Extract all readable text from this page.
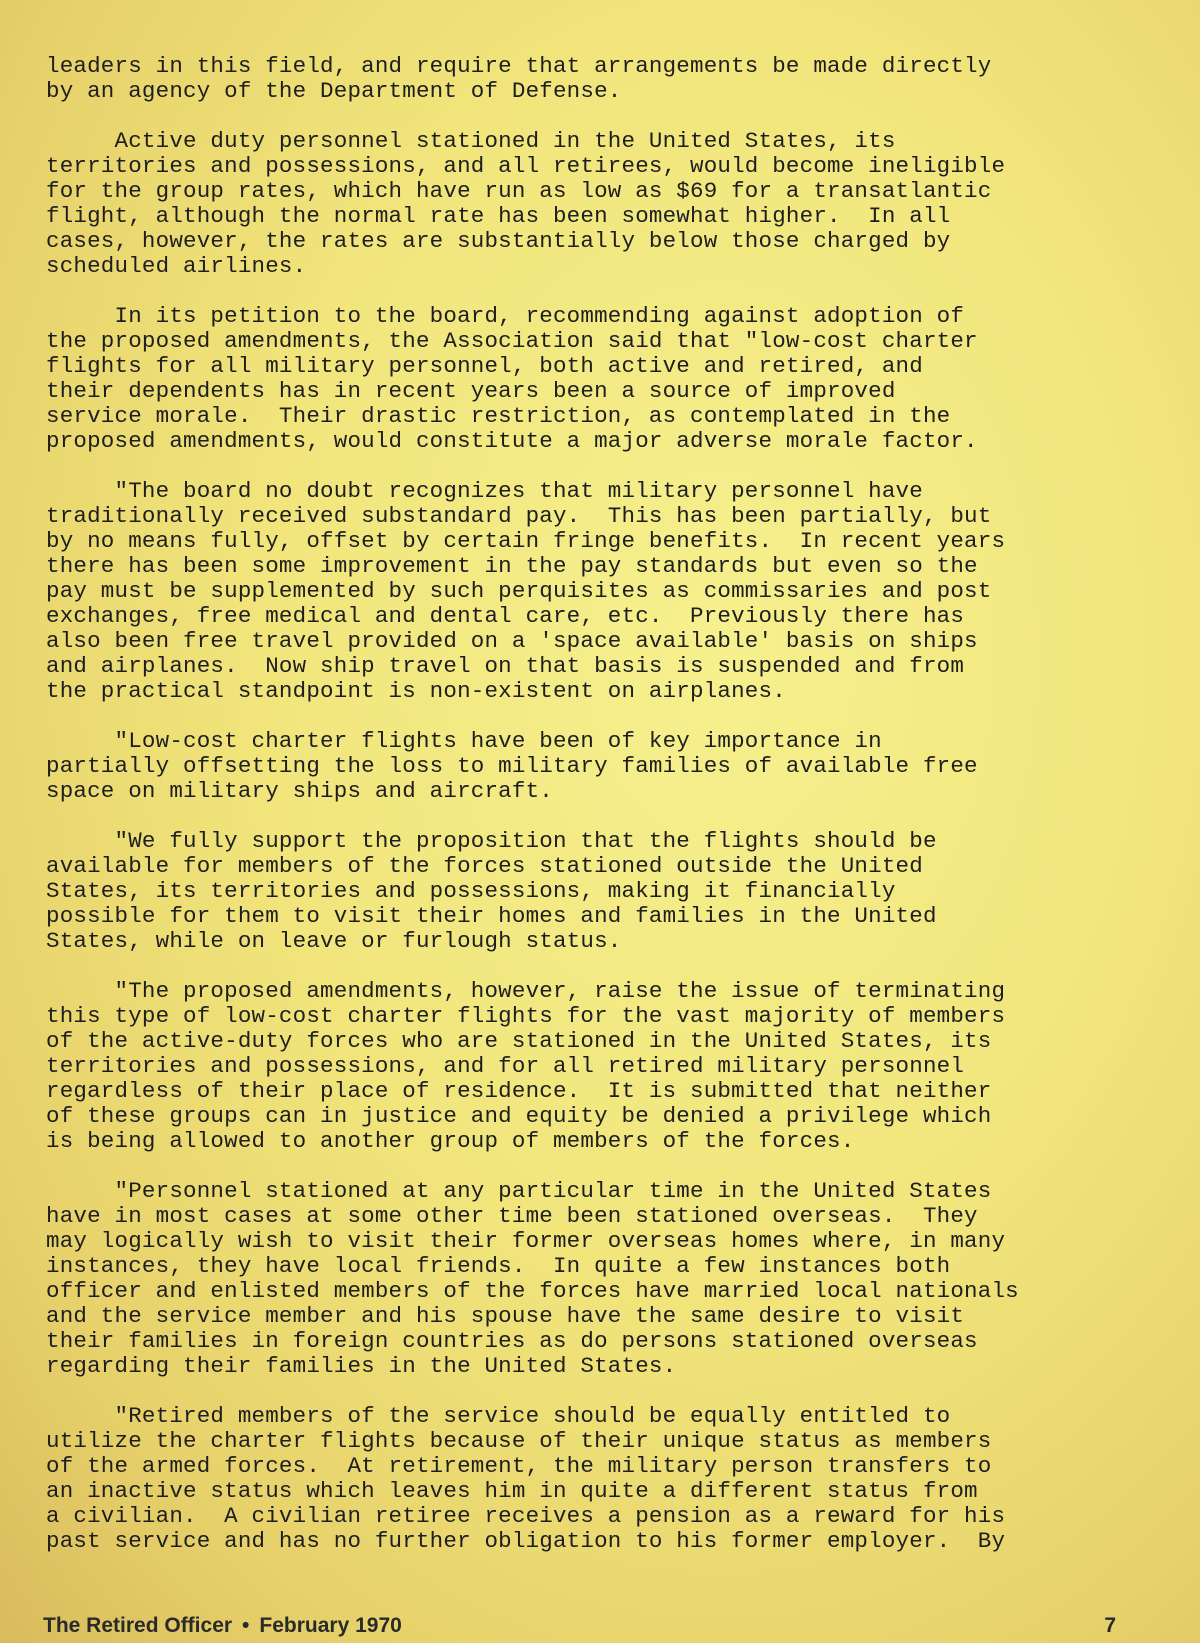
leaders in this field, and require that arrangements be made directly
by an agency of the Department of Defense.

Active duty personnel stationed in the United States, its
territories and possessions, and all retirees, would become ineligible
for the group rates, which have run as low as $69 for a transatlantic
flight, although the normal rate has been somewhat higher.  In all
cases, however, the rates are substantially below those charged by
scheduled airlines.

In its petition to the board, recommending against adoption of
the proposed amendments, the Association said that "low-cost charter
flights for all military personnel, both active and retired, and
their dependents has in recent years been a source of improved
service morale.  Their drastic restriction, as contemplated in the
proposed amendments, would constitute a major adverse morale factor.

"The board no doubt recognizes that military personnel have
traditionally received substandard pay.  This has been partially, but
by no means fully, offset by certain fringe benefits.  In recent years
there has been some improvement in the pay standards but even so the
pay must be supplemented by such perquisites as commissaries and post
exchanges, free medical and dental care, etc.  Previously there has
also been free travel provided on a 'space available' basis on ships
and airplanes.  Now ship travel on that basis is suspended and from
the practical standpoint is non-existent on airplanes.

"Low-cost charter flights have been of key importance in
partially offsetting the loss to military families of available free
space on military ships and aircraft.

"We fully support the proposition that the flights should be
available for members of the forces stationed outside the United
States, its territories and possessions, making it financially
possible for them to visit their homes and families in the United
States, while on leave or furlough status.

"The proposed amendments, however, raise the issue of terminating
this type of low-cost charter flights for the vast majority of members
of the active-duty forces who are stationed in the United States, its
territories and possessions, and for all retired military personnel
regardless of their place of residence.  It is submitted that neither
of these groups can in justice and equity be denied a privilege which
is being allowed to another group of members of the forces.

"Personnel stationed at any particular time in the United States
have in most cases at some other time been stationed overseas.  They
may logically wish to visit their former overseas homes where, in many
instances, they have local friends.  In quite a few instances both
officer and enlisted members of the forces have married local nationals
and the service member and his spouse have the same desire to visit
their families in foreign countries as do persons stationed overseas
regarding their families in the United States.

"Retired members of the service should be equally entitled to
utilize the charter flights because of their unique status as members
of the armed forces.  At retirement, the military person transfers to
an inactive status which leaves him in quite a different status from
a civilian.  A civilian retiree receives a pension as a reward for his
past service and has no further obligation to his former employer.  By

The Retired Officer • February 1970	7
